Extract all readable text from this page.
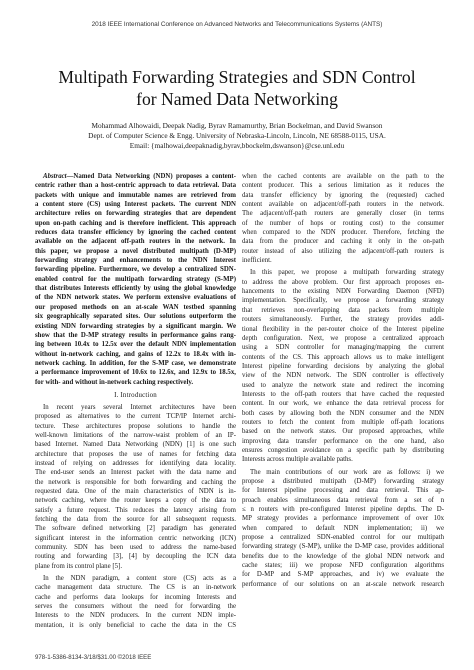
2018 IEEE International Conference on Advanced Networks and Telecommunications Systems (ANTS)
Multipath Forwarding Strategies and SDN Control
for Named Data Networking
Mohammad Alhowaidi, Deepak Nadig, Byrav Ramamurthy, Brian Bockelman, and David Swanson
Dept. of Computer Science & Engg. University of Nebraska-Lincoln, Lincoln, NE 68588-0115, USA.
Email: {malhowai,deepaknadig,byrav,bbockelm,dswanson}@cse.unl.edu
Abstract—Named Data Networking (NDN) proposes a content-
centric rather than a host-centric approach to data retrieval. Data
packets with unique and immutable names are retrieved from
a content store (CS) using Interest packets. The current NDN
architecture relies on forwarding strategies that are dependent
upon on-path caching and is therefore inefficient. This approach
reduces data transfer efficiency by ignoring the cached content
available on the adjacent off-path routers in the network. In
this paper, we propose a novel distributed multipath (D-MP)
forwarding strategy and enhancements to the NDN Interest
forwarding pipeline. Furthermore, we develop a centralized SDN-
enabled control for the multipath forwarding strategy (S-MP)
that distributes Interests efficiently by using the global knowledge
of the NDN network states. We perform extensive evaluations of
our proposed methods on an at-scale WAN testbed spanning
six geographically separated sites. Our solutions outperform the
existing NDN forwarding strategies by a significant margin. We
show that the D-MP strategy results in performance gains rang-
ing between 10.4x to 12.5x over the default NDN implementation
without in-network caching, and gains of 12.2x to 18.4x with in-
network caching. In addition, for the S-MP case, we demonstrate
a performance improvement of 10.6x to 12.6x, and 12.9x to 18.5x,
for with- and without in-network caching respectively.
I. Introduction
In recent years several Internet architectures have been
proposed as alternatives to the current TCP/IP Internet archi-
tecture. These architectures propose solutions to handle the
well-known limitations of the narrow-waist problem of an IP-
based Internet. Named Data Networking (NDN) [1] is one such
architecture that proposes the use of names for fetching data
instead of relying on addresses for identifying data locality.
The end-user sends an Interest packet with the data name and
the network is responsible for both forwarding and caching the
requested data. One of the main characteristics of NDN is in-
network caching, where the router keeps a copy of the data to
satisfy a future request. This reduces the latency arising from
fetching the data from the source for all subsequent requests.
The software defined networking [2] paradigm has generated
significant interest in the information centric networking (ICN)
community. SDN has been used to address the name-based
routing and forwarding [3], [4] by decoupling the ICN data
plane from its control plane [5].
In the NDN paradigm, a content store (CS) acts as a
cache management data structure. The CS is an in-network
cache and performs data lookups for incoming Interests and
serves the consumers without the need for forwarding the
Interests to the NDN producers. In the current NDN imple-
mentation, it is only beneficial to cache the data in the CS
when the cached contents are available on the path to the
content producer. This a serious limitation as it reduces the
data transfer efficiency by ignoring the (requested) cached
content available on adjacent/off-path routers in the network.
The adjacent/off-path routers are generally closer (in terms
of the number of hops or routing cost) to the consumer
when compared to the NDN producer. Therefore, fetching the
data from the producer and caching it only in the on-path
router instead of also utilizing the adjacent/off-path routers is
inefficient.
In this paper, we propose a multipath forwarding strategy
to address the above problem. Our first approach proposes en-
hancements to the existing NDN Forwarding Daemon (NFD)
implementation. Specifically, we propose a forwarding strategy
that retrieves non-overlapping data packets from multiple
routers simultaneously. Further, the strategy provides addi-
tional flexibility in the per-router choice of the Interest pipeline
depth configuration. Next, we propose a centralized approach
using a SDN controller for managing/mapping the current
contents of the CS. This approach allows us to make intelligent
Interest pipeline forwarding decisions by analyzing the global
view of the NDN network. The SDN controller is effectively
used to analyze the network state and redirect the incoming
Interests to the off-path routers that have cached the requested
content. In our work, we enhance the data retrieval process for
both cases by allowing both the NDN consumer and the NDN
routers to fetch the content from multiple off-path locations
based on the network states. Our proposed approaches, while
improving data transfer performance on the one hand, also
ensures congestion avoidance on a specific path by distributing
Interests across multiple available paths.
The main contributions of our work are as follows: i) we
propose a distributed multipath (D-MP) forwarding strategy
for Interest pipeline processing and data retrieval. This ap-
proach enables simultaneous data retrieval from a set of n
≤ n routers with pre-configured Interest pipeline depths. The D-
MP strategy provides a performance improvement of over 10x
when compared to default NDN implementation; ii) we
propose a centralized SDN-enabled control for our multipath
forwarding strategy (S-MP), unlike the D-MP case, provides additional
benefits due to the knowledge of the global NDN network and
cache states; iii) we propose NFD configuration algorithms
for D-MP and S-MP approaches, and iv) we evaluate the
performance of our solutions on an at-scale network research
978-1-5386-8134-3/18/$31.00 ©2018 IEEE
